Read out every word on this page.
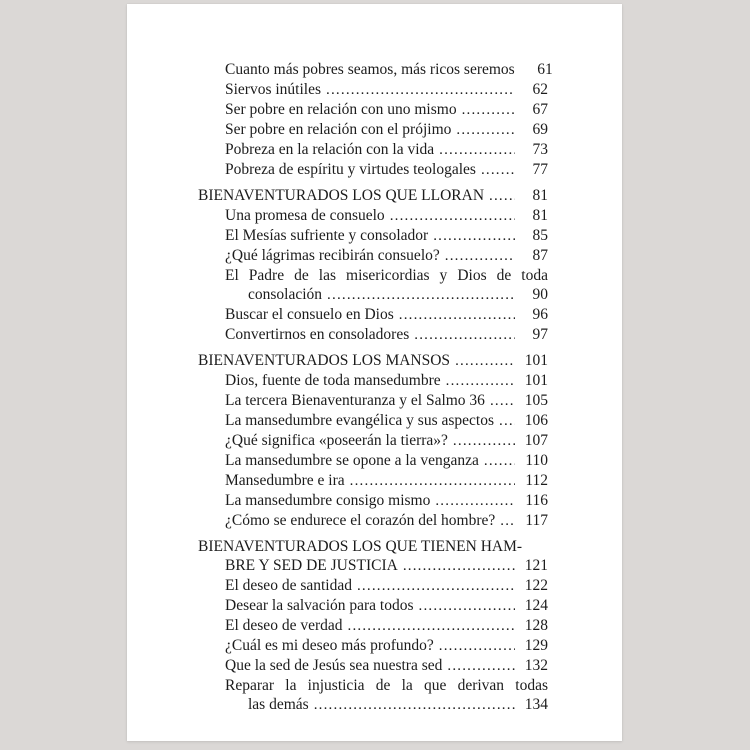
Cuanto más pobres seamos, más ricos seremos	61
Siervos inútiles .....	62
Ser pobre en relación con uno mismo .....	67
Ser pobre en relación con el prójimo .....	69
Pobreza en la relación con la vida .....	73
Pobreza de espíritu y virtudes teologales .....	77
BIENAVENTURADOS LOS QUE LLORAN .....	81
Una promesa de consuelo .....	81
El Mesías sufriente y consolador .....	85
¿Qué lágrimas recibirán consuelo? .....	87
El Padre de las misericordias y Dios de toda
consolación .....	90
Buscar el consuelo en Dios .....	96
Convertirnos en consoladores .....	97
BIENAVENTURADOS LOS MANSOS .....	101
Dios, fuente de toda mansedumbre .....	101
La tercera Bienaventuranza y el Salmo 36 .....	105
La mansedumbre evangélica y sus aspectos ..... 106
¿Qué significa «poseerán la tierra»? .....	107
La mansedumbre se opone a la venganza .....	110
Mansedumbre e ira .....	112
La mansedumbre consigo mismo .....	116
¿Cómo se endurece el corazón del hombre? ..... 117
BIENAVENTURADOS LOS QUE TIENEN HAM-
BRE Y SED DE JUSTICIA .....	121
El deseo de santidad .....	122
Desear la salvación para todos .....	124
El deseo de verdad .....	128
¿Cuál es mi deseo más profundo? .....	129
Que la sed de Jesús sea nuestra sed .....	132
Reparar la injusticia de la que derivan todas
las demás .....	134
